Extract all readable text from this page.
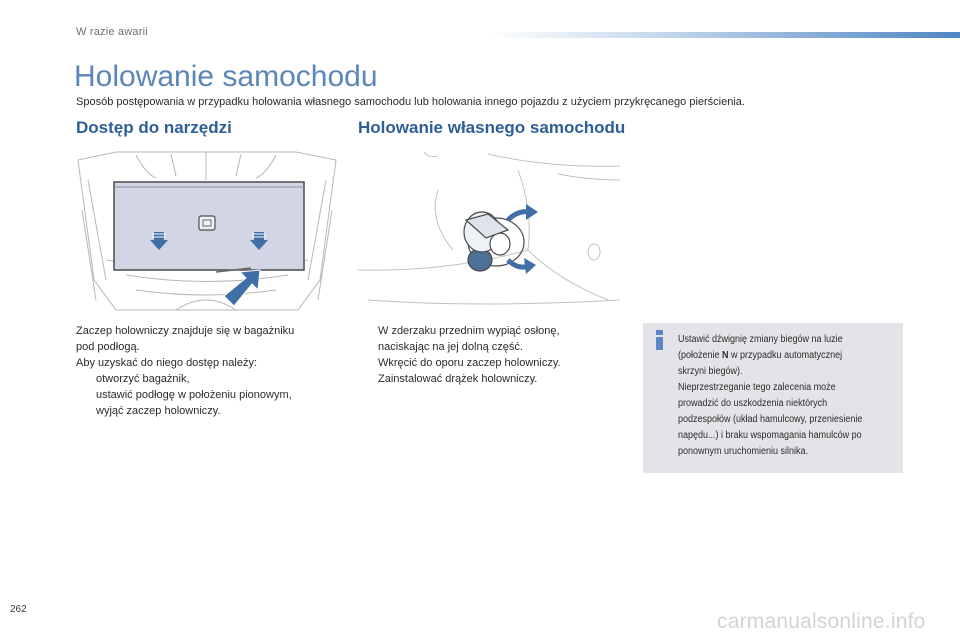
W razie awarii
Holowanie samochodu
Sposób postępowania w przypadku holowania własnego samochodu lub holowania innego pojazdu z użyciem przykręcanego pierścienia.
Dostęp do narzędzi	Holowanie własnego samochodu
Zaczep holowniczy znajduje się w bagażniku
pod podłogą.
Aby uzyskać do niego dostęp należy:
otworzyć bagażnik,
ustawić podłogę w położeniu pionowym,
wyjąć zaczep holowniczy.
W zderzaku przednim wypiąć osłonę,
naciskając na jej dolną część.
Wkręcić do oporu zaczep holowniczy.
Zainstalować drążek holowniczy.
Ustawić dźwignię zmiany biegów na luzie
(położenie N w przypadku automatycznej
skrzyni biegów).
Nieprzestrzeganie tego zalecenia może
prowadzić do uszkodzenia niektórych
podzespołów (układ hamulcowy, przeniesienie
napędu...) i braku wspomagania hamulców po
ponownym uruchomieniu silnika.
262
carmanualsonline.info
